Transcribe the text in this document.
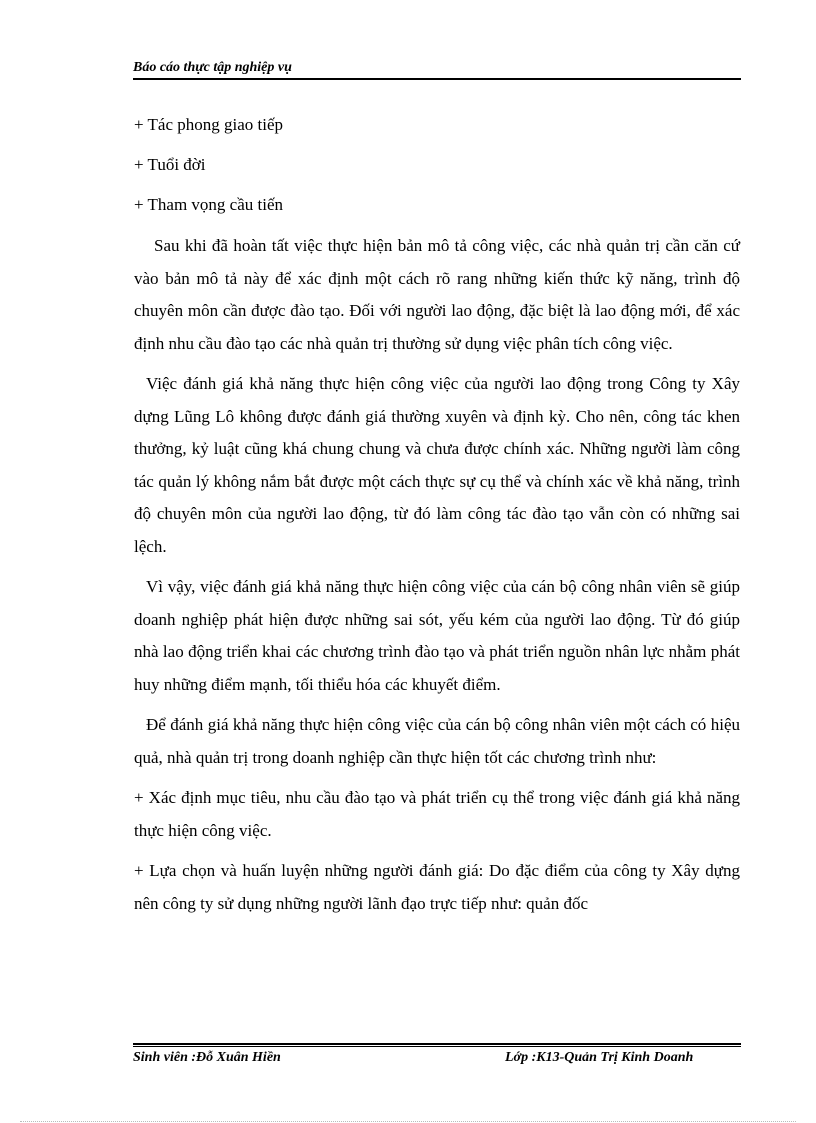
Báo cáo thực tập nghiệp vụ

+ Tác phong giao tiếp

+ Tuổi đời

+ Tham vọng cầu tiến

Sau khi đã hoàn tất việc thực hiện bản mô tả công việc, các nhà quản trị cần căn cứ vào bản mô tả này để xác định một cách rõ rang những kiến thức kỹ năng, trình độ chuyên môn cần được đào tạo. Đối với người lao động, đặc biệt là lao động mới, để xác định nhu cầu đào tạo các nhà quản trị thường sử dụng việc phân tích công việc.

Việc đánh giá khả năng thực hiện công việc của người lao động trong Công ty Xây dựng Lũng Lô không được đánh giá thường xuyên và định kỳ. Cho nên, công tác khen thưởng, kỷ luật cũng khá chung chung và chưa được chính xác. Những người làm công tác quản lý không nắm bắt được một cách thực sự cụ thể và chính xác về khả năng, trình độ chuyên môn của người lao động, từ đó làm công tác đào tạo vẫn còn có những sai lệch.

Vì vậy, việc đánh giá khả năng thực hiện công việc của cán bộ công nhân viên sẽ giúp doanh nghiệp phát hiện được những sai sót, yếu kém của người lao động. Từ đó giúp nhà lao động triển khai các chương trình đào tạo và phát triển nguồn nhân lực nhằm phát huy những điểm mạnh, tối thiểu hóa các khuyết điểm.

Để đánh giá khả năng thực hiện công việc của cán bộ công nhân viên một cách có hiệu quả, nhà quản trị trong doanh nghiệp cần thực hiện tốt các chương trình như:

+ Xác định mục tiêu, nhu cầu đào tạo và phát triển cụ thể trong việc đánh giá khả năng thực hiện công việc.

+ Lựa chọn và huấn luyện những người đánh giá: Do đặc điểm của công ty Xây dựng nên công ty sử dụng những người lãnh đạo trực tiếp như: quản đốc

Sinh viên :Đỗ Xuân Hiền	Lớp :K13-Quản Trị Kinh Doanh
